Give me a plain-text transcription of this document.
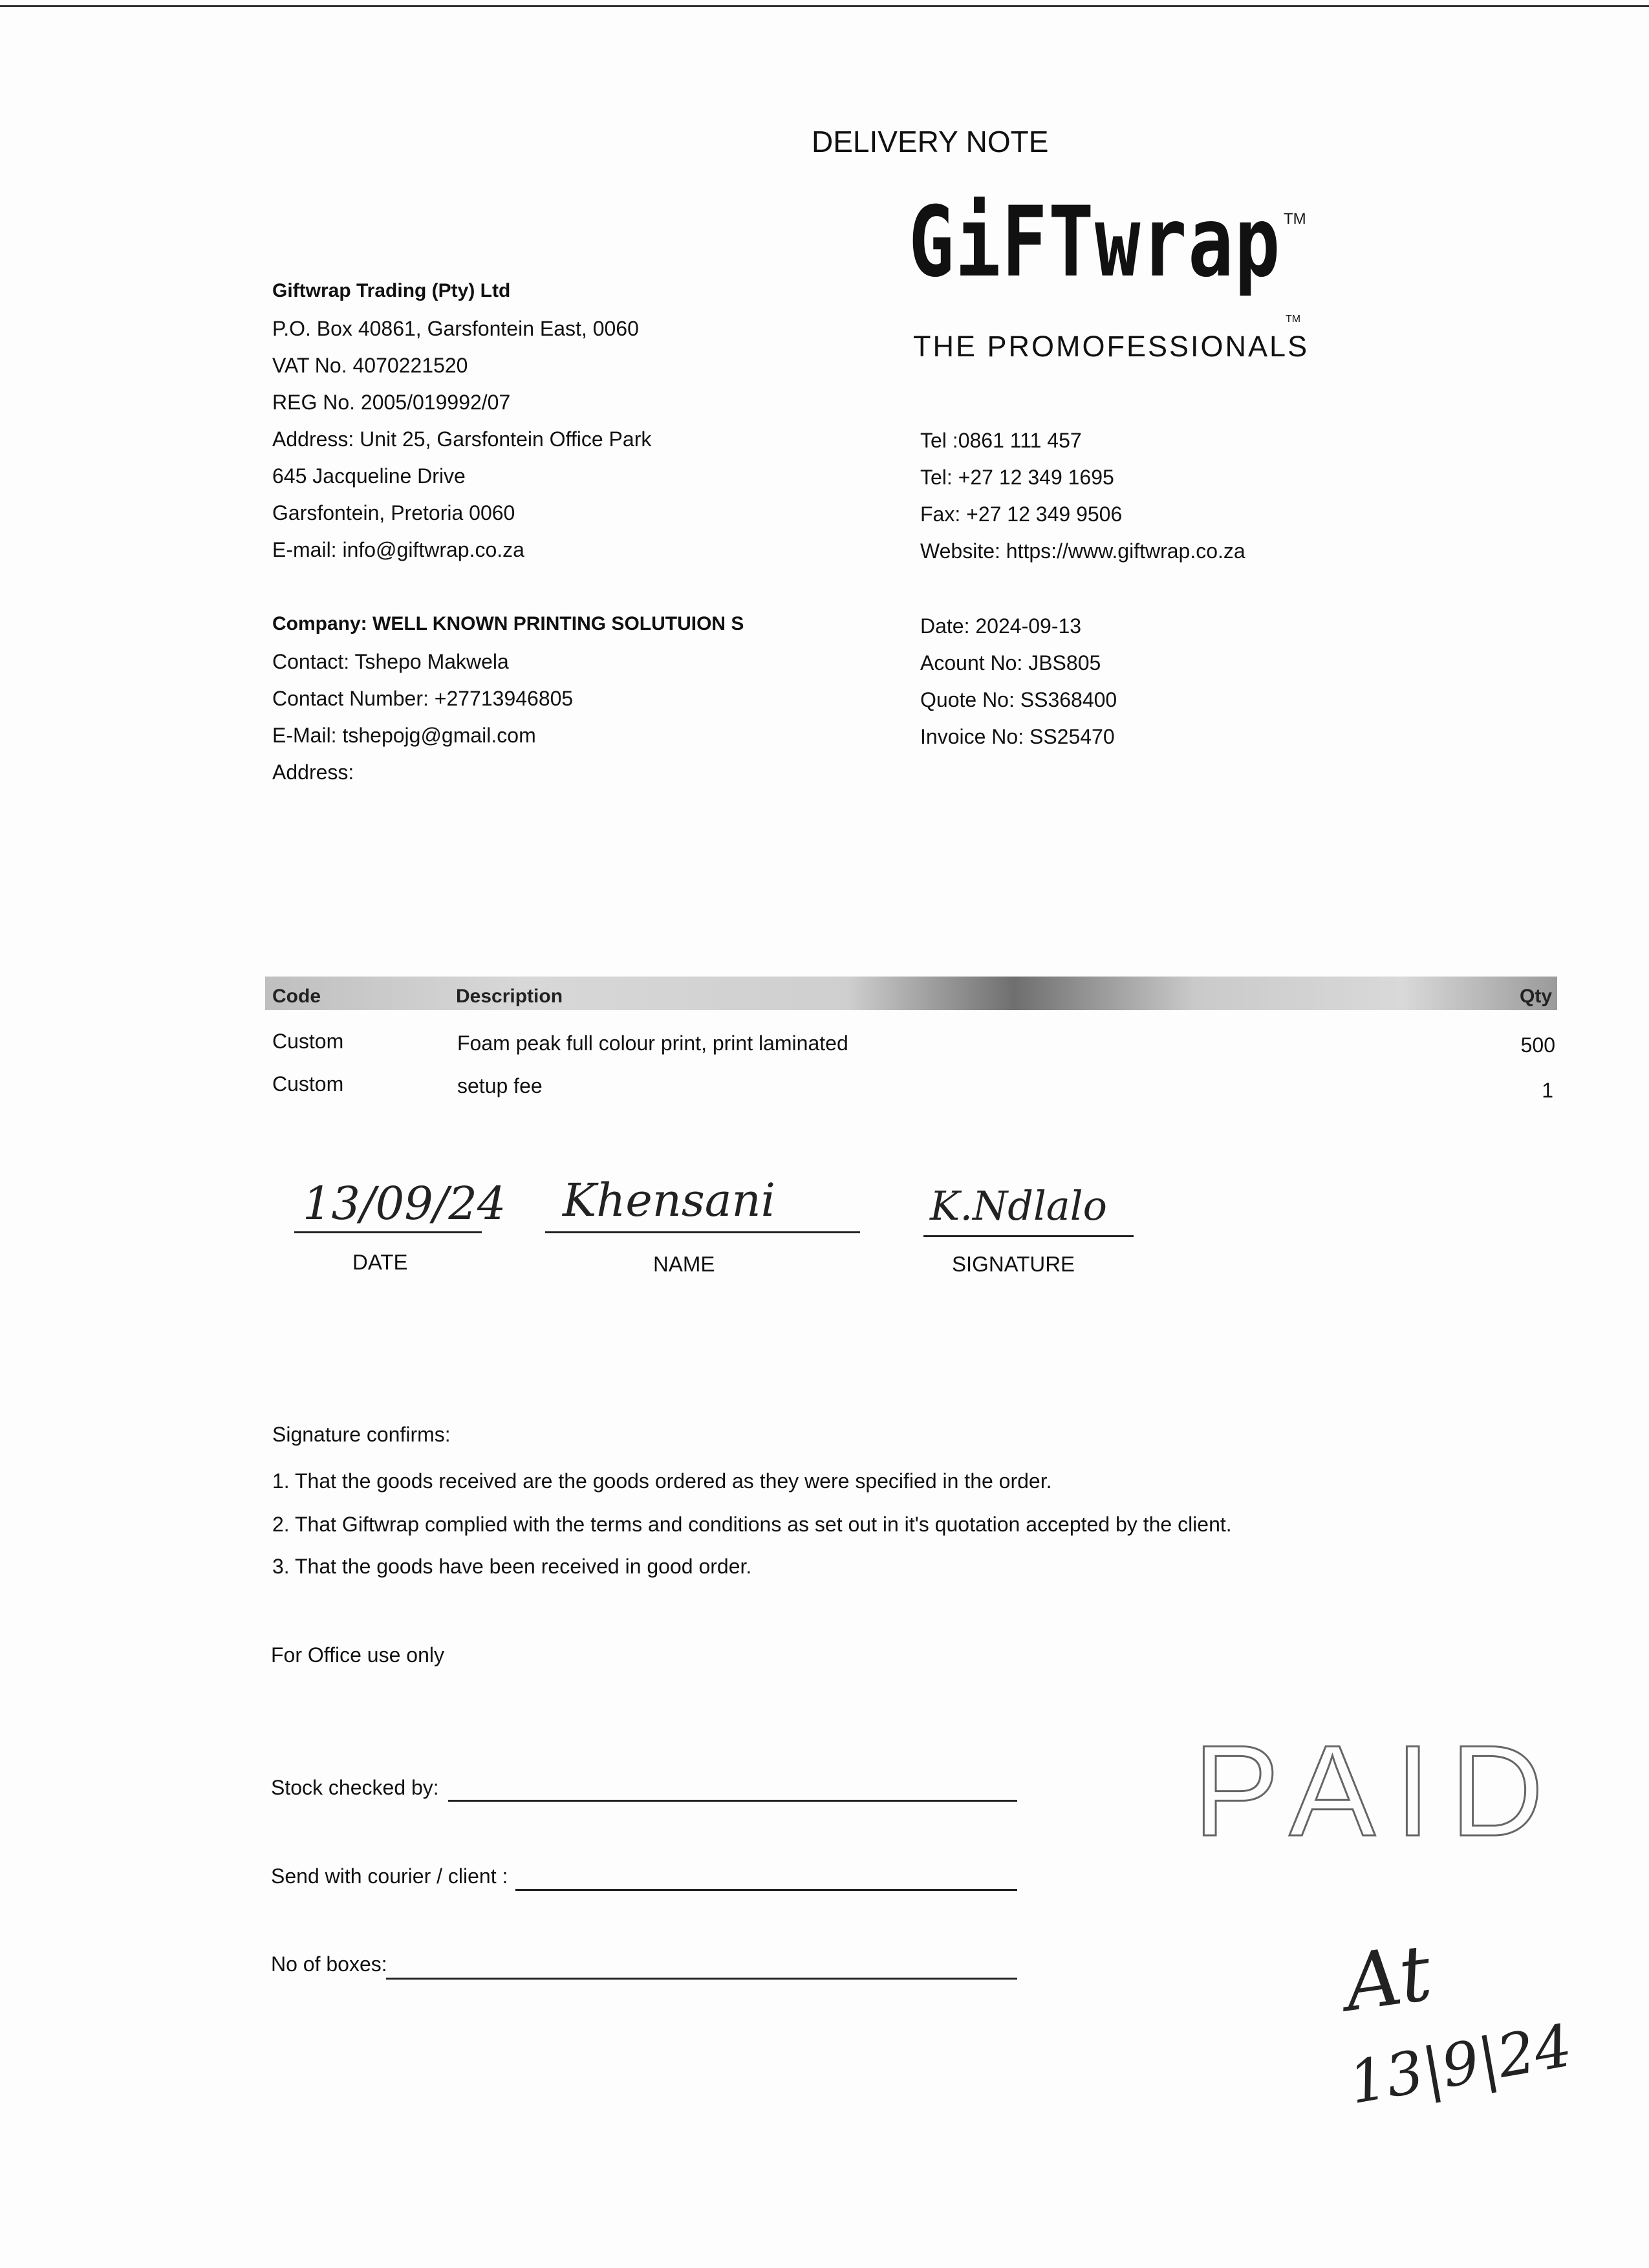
DELIVERY NOTE
GiFTwrap TM
THE PROMOFESSIONALS
TM
Giftwrap Trading (Pty) Ltd
P.O. Box 40861, Garsfontein East, 0060
VAT No. 4070221520
REG No. 2005/019992/07
Address: Unit 25, Garsfontein Office Park
645 Jacqueline Drive
Garsfontein, Pretoria 0060
E-mail: info@giftwrap.co.za
Tel :0861 111 457
Tel: +27 12 349 1695
Fax: +27 12 349 9506
Website: https://www.giftwrap.co.za
Company: WELL KNOWN PRINTING SOLUTUION S
Contact: Tshepo Makwela
Contact Number: +27713946805
E-Mail: tshepojg@gmail.com
Address:
Date: 2024-09-13
Acount No: JBS805
Quote No: SS368400
Invoice No: SS25470
Code	Description	Qty
Custom	Foam peak full colour print, print laminated	500
Custom	setup fee	1
13/09/24
DATE
Khensani
NAME
K.Ndlalo
SIGNATURE
Signature confirms:
1. That the goods received are the goods ordered as they were specified in the order.
2. That Giftwrap complied with the terms and conditions as set out in it's quotation accepted by the client.
3. That the goods have been received in good order.
For Office use only
Stock checked by:
Send with courier / client :
No of boxes:
PAID
At
13|9|24
